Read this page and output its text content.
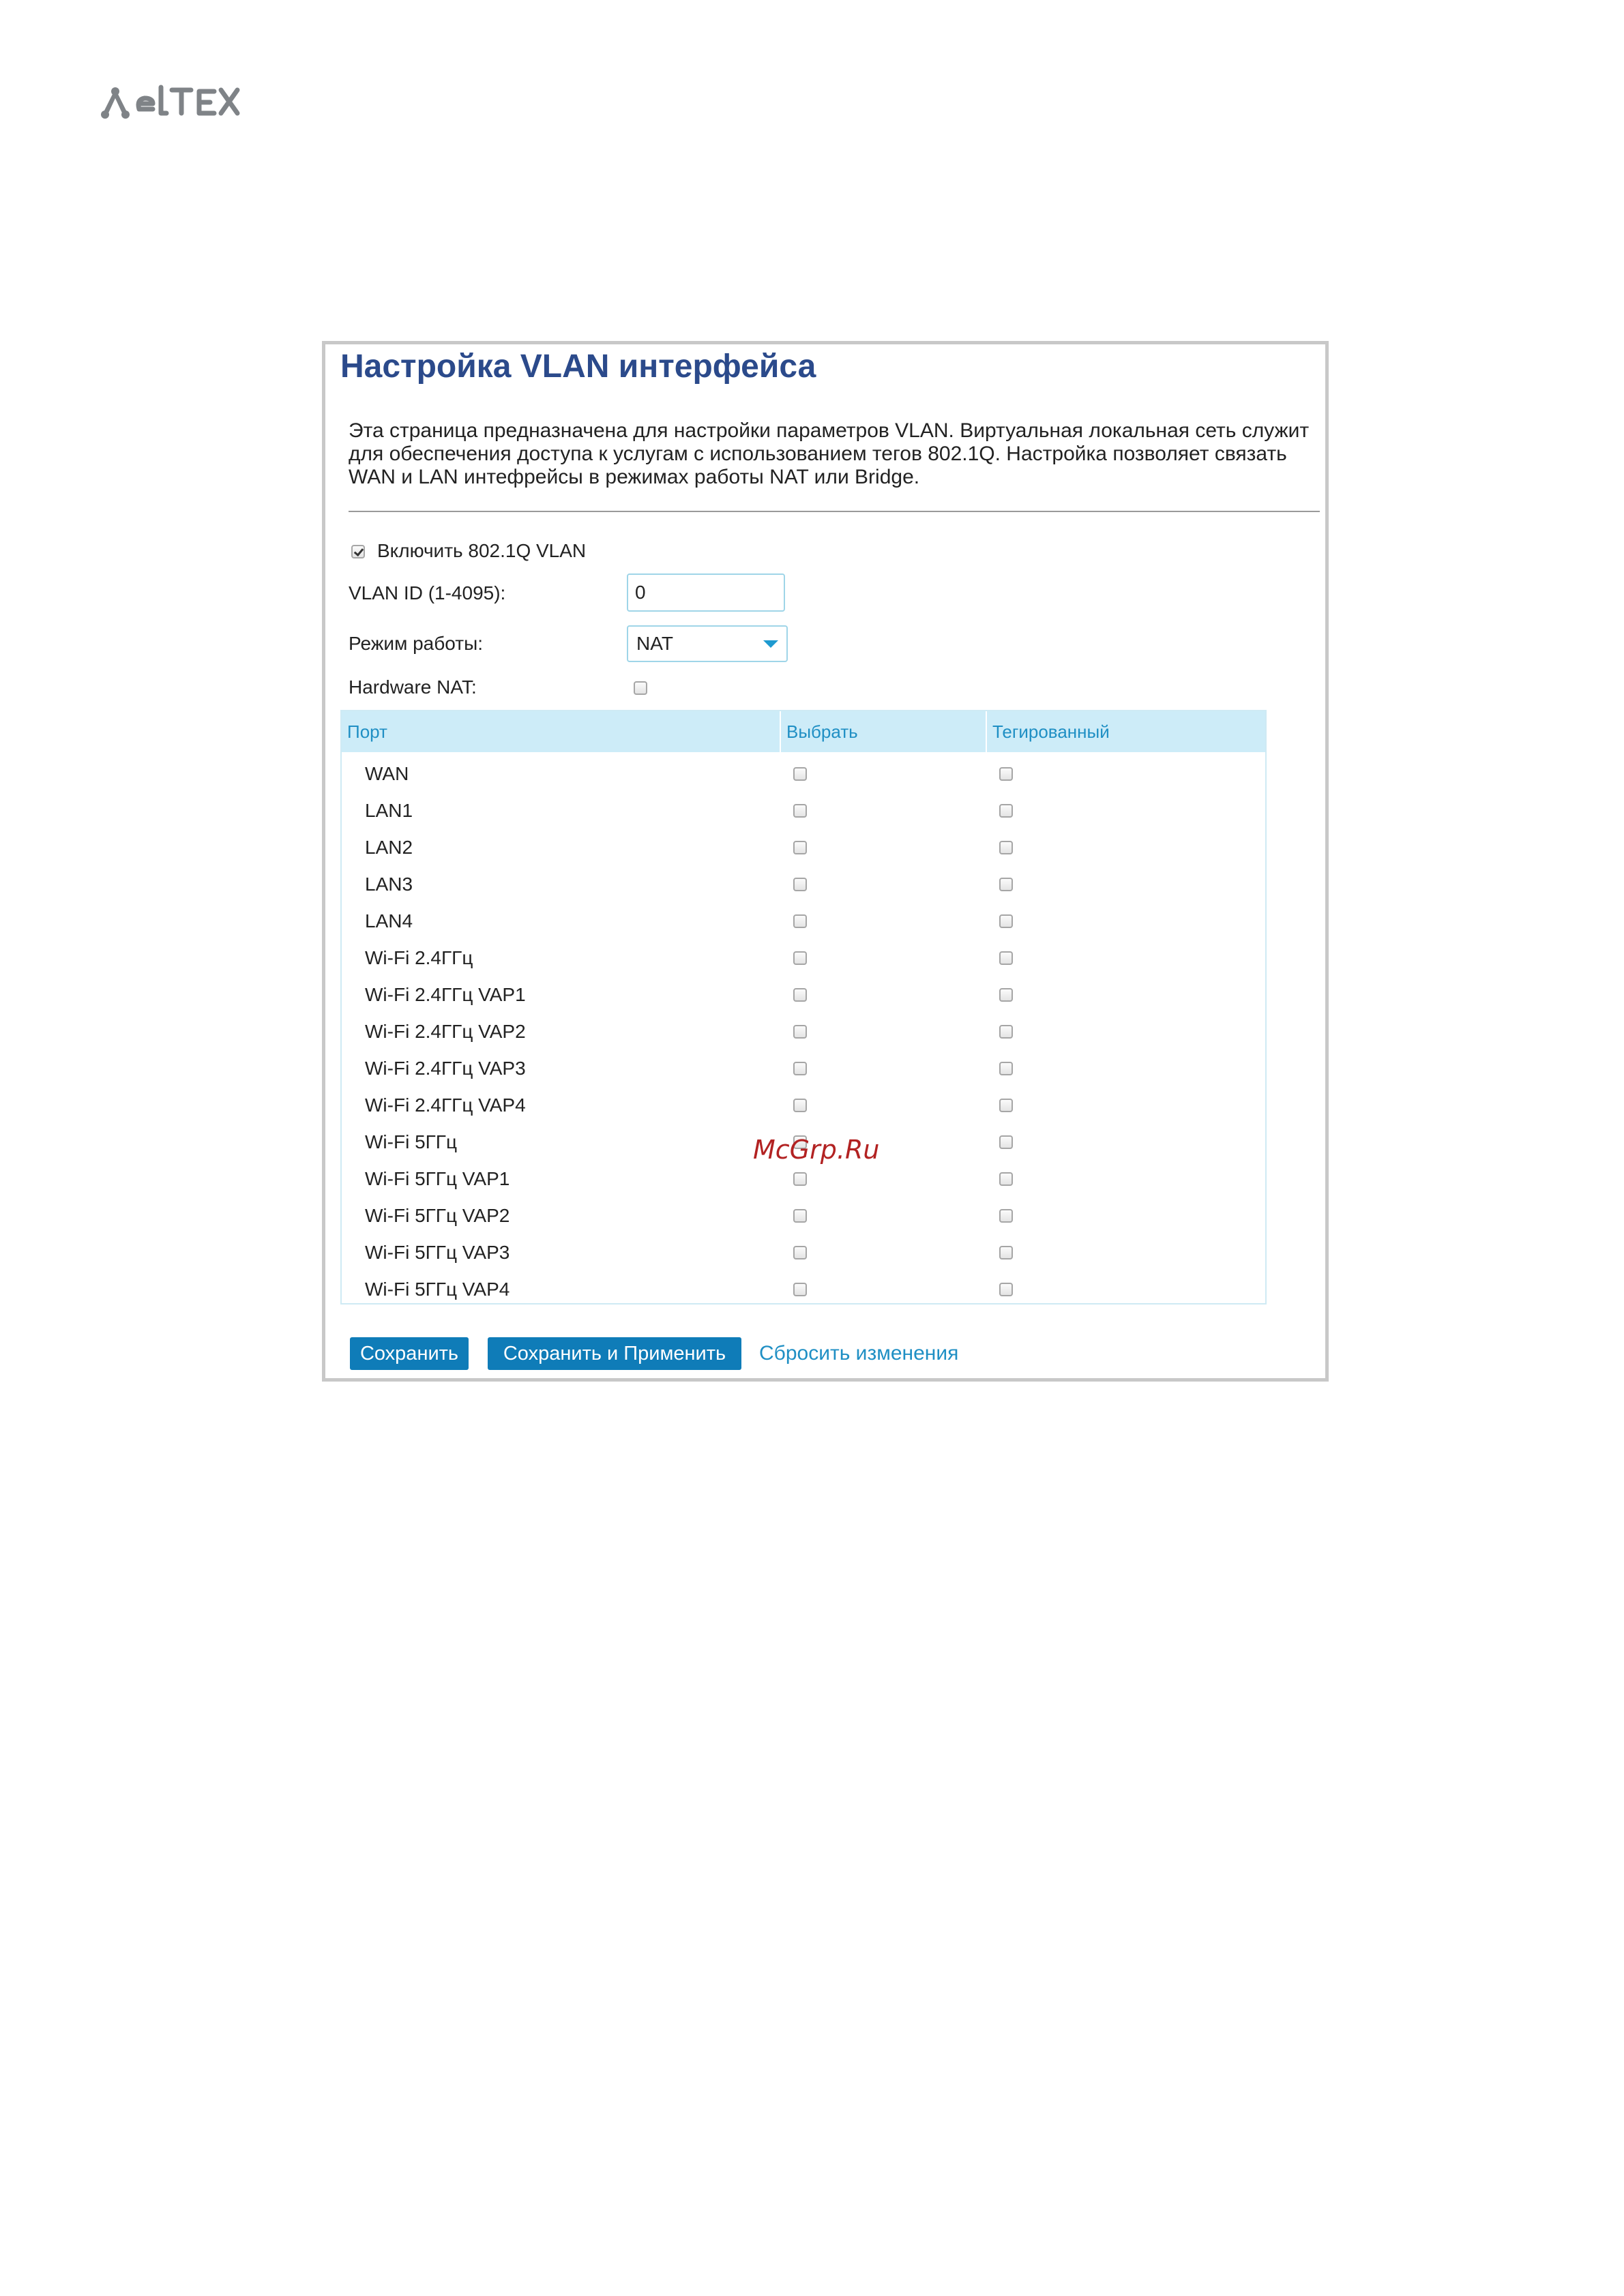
Настройка VLAN интерфейса
Эта страница предназначена для настройки параметров VLAN. Виртуальная локальная сеть служит для обеспечения доступа к услугам с использованием тегов 802.1Q. Настройка позволяет связать WAN и LAN интефрейсы в режимах работы NAT или Bridge.
Включить 802.1Q VLAN
VLAN ID (1-4095):
0
Режим работы:	NAT
Hardware NAT:
Порт	Выбрать	Тегированный
WAN
LAN1
LAN2
LAN3
LAN4
Wi-Fi 2.4ГГц
Wi-Fi 2.4ГГц VAP1
Wi-Fi 2.4ГГц VAP2
Wi-Fi 2.4ГГц VAP3
Wi-Fi 2.4ГГц VAP4
Wi-Fi 5ГГц
Wi-Fi 5ГГц VAP1
Wi-Fi 5ГГц VAP2
Wi-Fi 5ГГц VAP3
Wi-Fi 5ГГц VAP4
Сохранить	Сохранить и Применить	Сбросить изменения
McGrp.Ru
